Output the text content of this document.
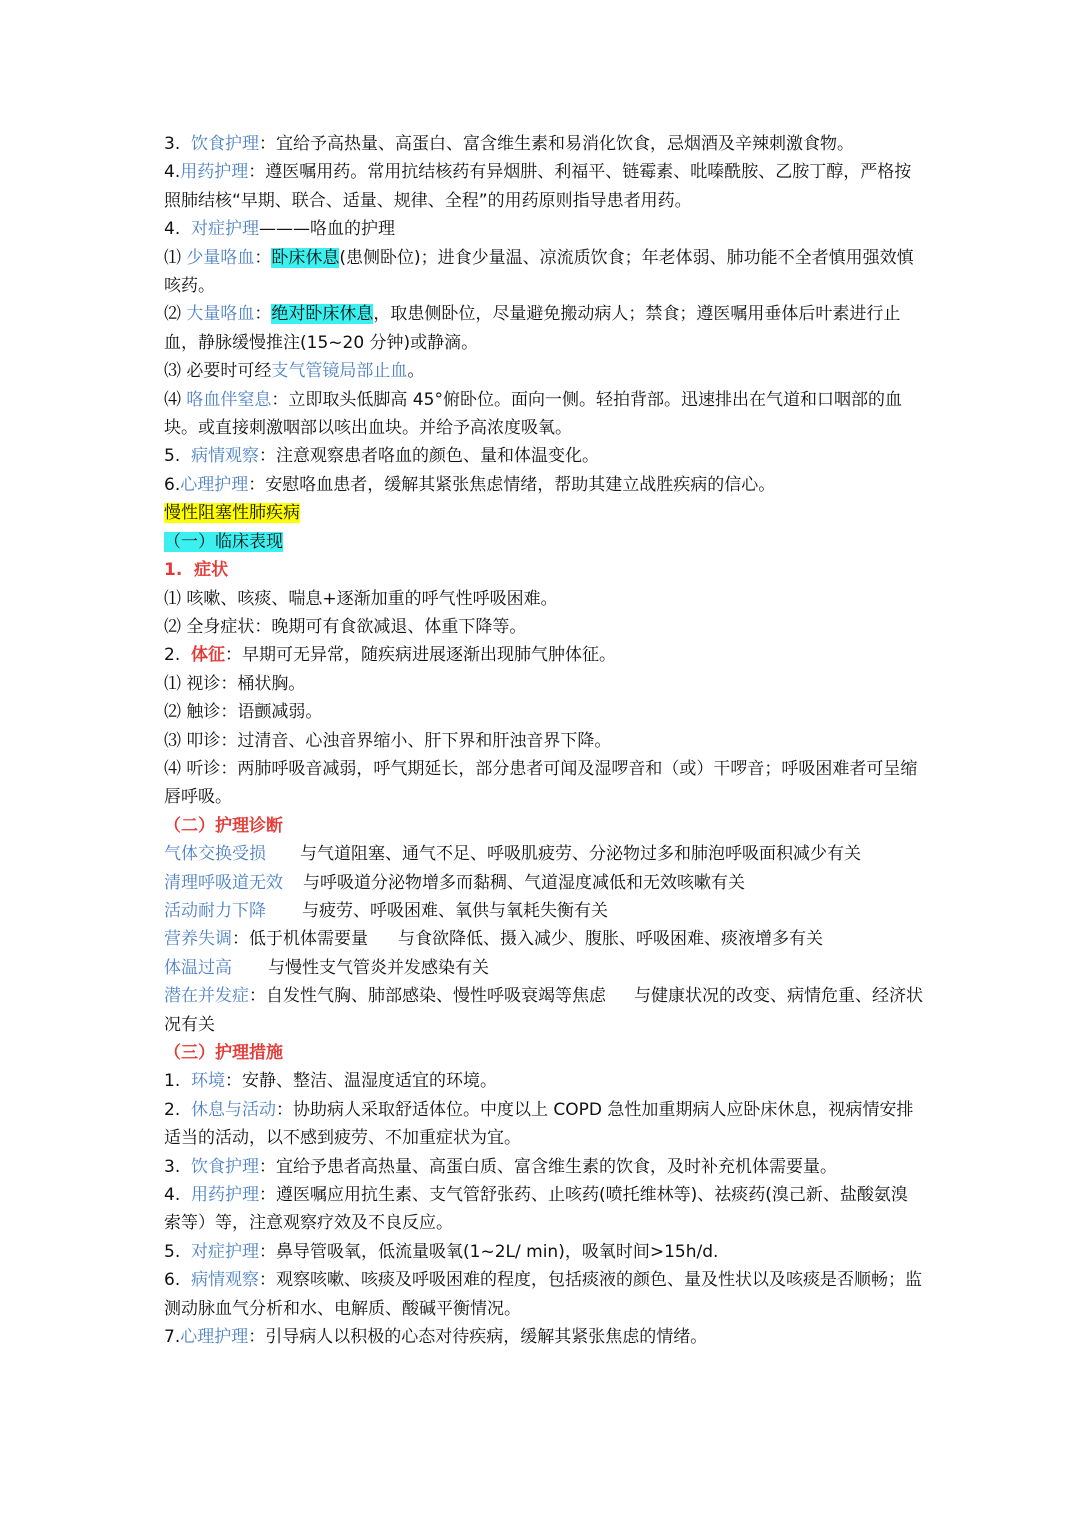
3.  饮食护理：宜给予高热量、高蛋白、富含维生素和易消化饮食，忌烟酒及辛辣刺激食物。

4.用药护理：遵医嘱用药。常用抗结核药有异烟肼、利福平、链霉素、吡嗪酰胺、乙胺丁醇，严格按照肺结核“早期、联合、适量、规律、全程”的用药原则指导患者用药。

4.  对症护理———咯血的护理

⑴ 少量咯血：卧床休息(患侧卧位)；进食少量温、凉流质饮食；年老体弱、肺功能不全者慎用强效慎咳药。

⑵ 大量咯血：绝对卧床休息，取患侧卧位，尽量避免搬动病人；禁食；遵医嘱用垂体后叶素进行止血，静脉缓慢推注(15~20 分钟)或静滴。

⑶ 必要时可经支气管镜局部止血。

⑷ 咯血伴窒息：立即取头低脚高 45°俯卧位。面向一侧。轻拍背部。迅速排出在气道和口咽部的血块。或直接刺激咽部以咳出血块。并给予高浓度吸氧。

5.  病情观察：注意观察患者咯血的颜色、量和体温变化。

6.心理护理：安慰咯血患者，缓解其紧张焦虑情绪，帮助其建立战胜疾病的信心。

慢性阻塞性肺疾病

（一）临床表现

1.  症状

⑴ 咳嗽、咳痰、喘息+逐渐加重的呼气性呼吸困难。

⑵ 全身症状：晚期可有食欲减退、体重下降等。

2.  体征：早期可无异常，随疾病进展逐渐出现肺气肿体征。

⑴ 视诊：桶状胸。

⑵ 触诊：语颤减弱。

⑶ 叩诊：过清音、心浊音界缩小、肝下界和肝浊音界下降。

⑷ 听诊：两肺呼吸音减弱，呼气期延长，部分患者可闻及湿啰音和（或）干啰音；呼吸困难者可呈缩唇呼吸。

（二）护理诊断

气体交换受损 与气道阻塞、通气不足、呼吸肌疲劳、分泌物过多和肺泡呼吸面积减少有关

清理呼吸道无效 与呼吸道分泌物增多而黏稠、气道湿度减低和无效咳嗽有关

活动耐力下降 与疲劳、呼吸困难、氧供与氧耗失衡有关

营养失调：低于机体需要量 与食欲降低、摄入减少、腹胀、呼吸困难、痰液增多有关

体温过高 与慢性支气管炎并发感染有关

潜在并发症：自发性气胸、肺部感染、慢性呼吸衰竭等焦虑 与健康状况的改变、病情危重、经济状况有关

（三）护理措施

1.  环境：安静、整洁、温湿度适宜的环境。

2.  休息与活动：协助病人采取舒适体位。中度以上 COPD 急性加重期病人应卧床休息，视病情安排适当的活动，以不感到疲劳、不加重症状为宜。

3.  饮食护理：宜给予患者高热量、高蛋白质、富含维生素的饮食，及时补充机体需要量。

4.  用药护理：遵医嘱应用抗生素、支气管舒张药、止咳药(喷托维林等)、祛痰药(溴己新、盐酸氨溴索等）等，注意观察疗效及不良反应。

5.  对症护理：鼻导管吸氧，低流量吸氧(1~2L/ min)，吸氧时间>15h/d.

6.  病情观察：观察咳嗽、咳痰及呼吸困难的程度，包括痰液的颜色、量及性状以及咳痰是否顺畅；监测动脉血气分析和水、电解质、酸碱平衡情况。

7.心理护理：引导病人以积极的心态对待疾病，缓解其紧张焦虑的情绪。
